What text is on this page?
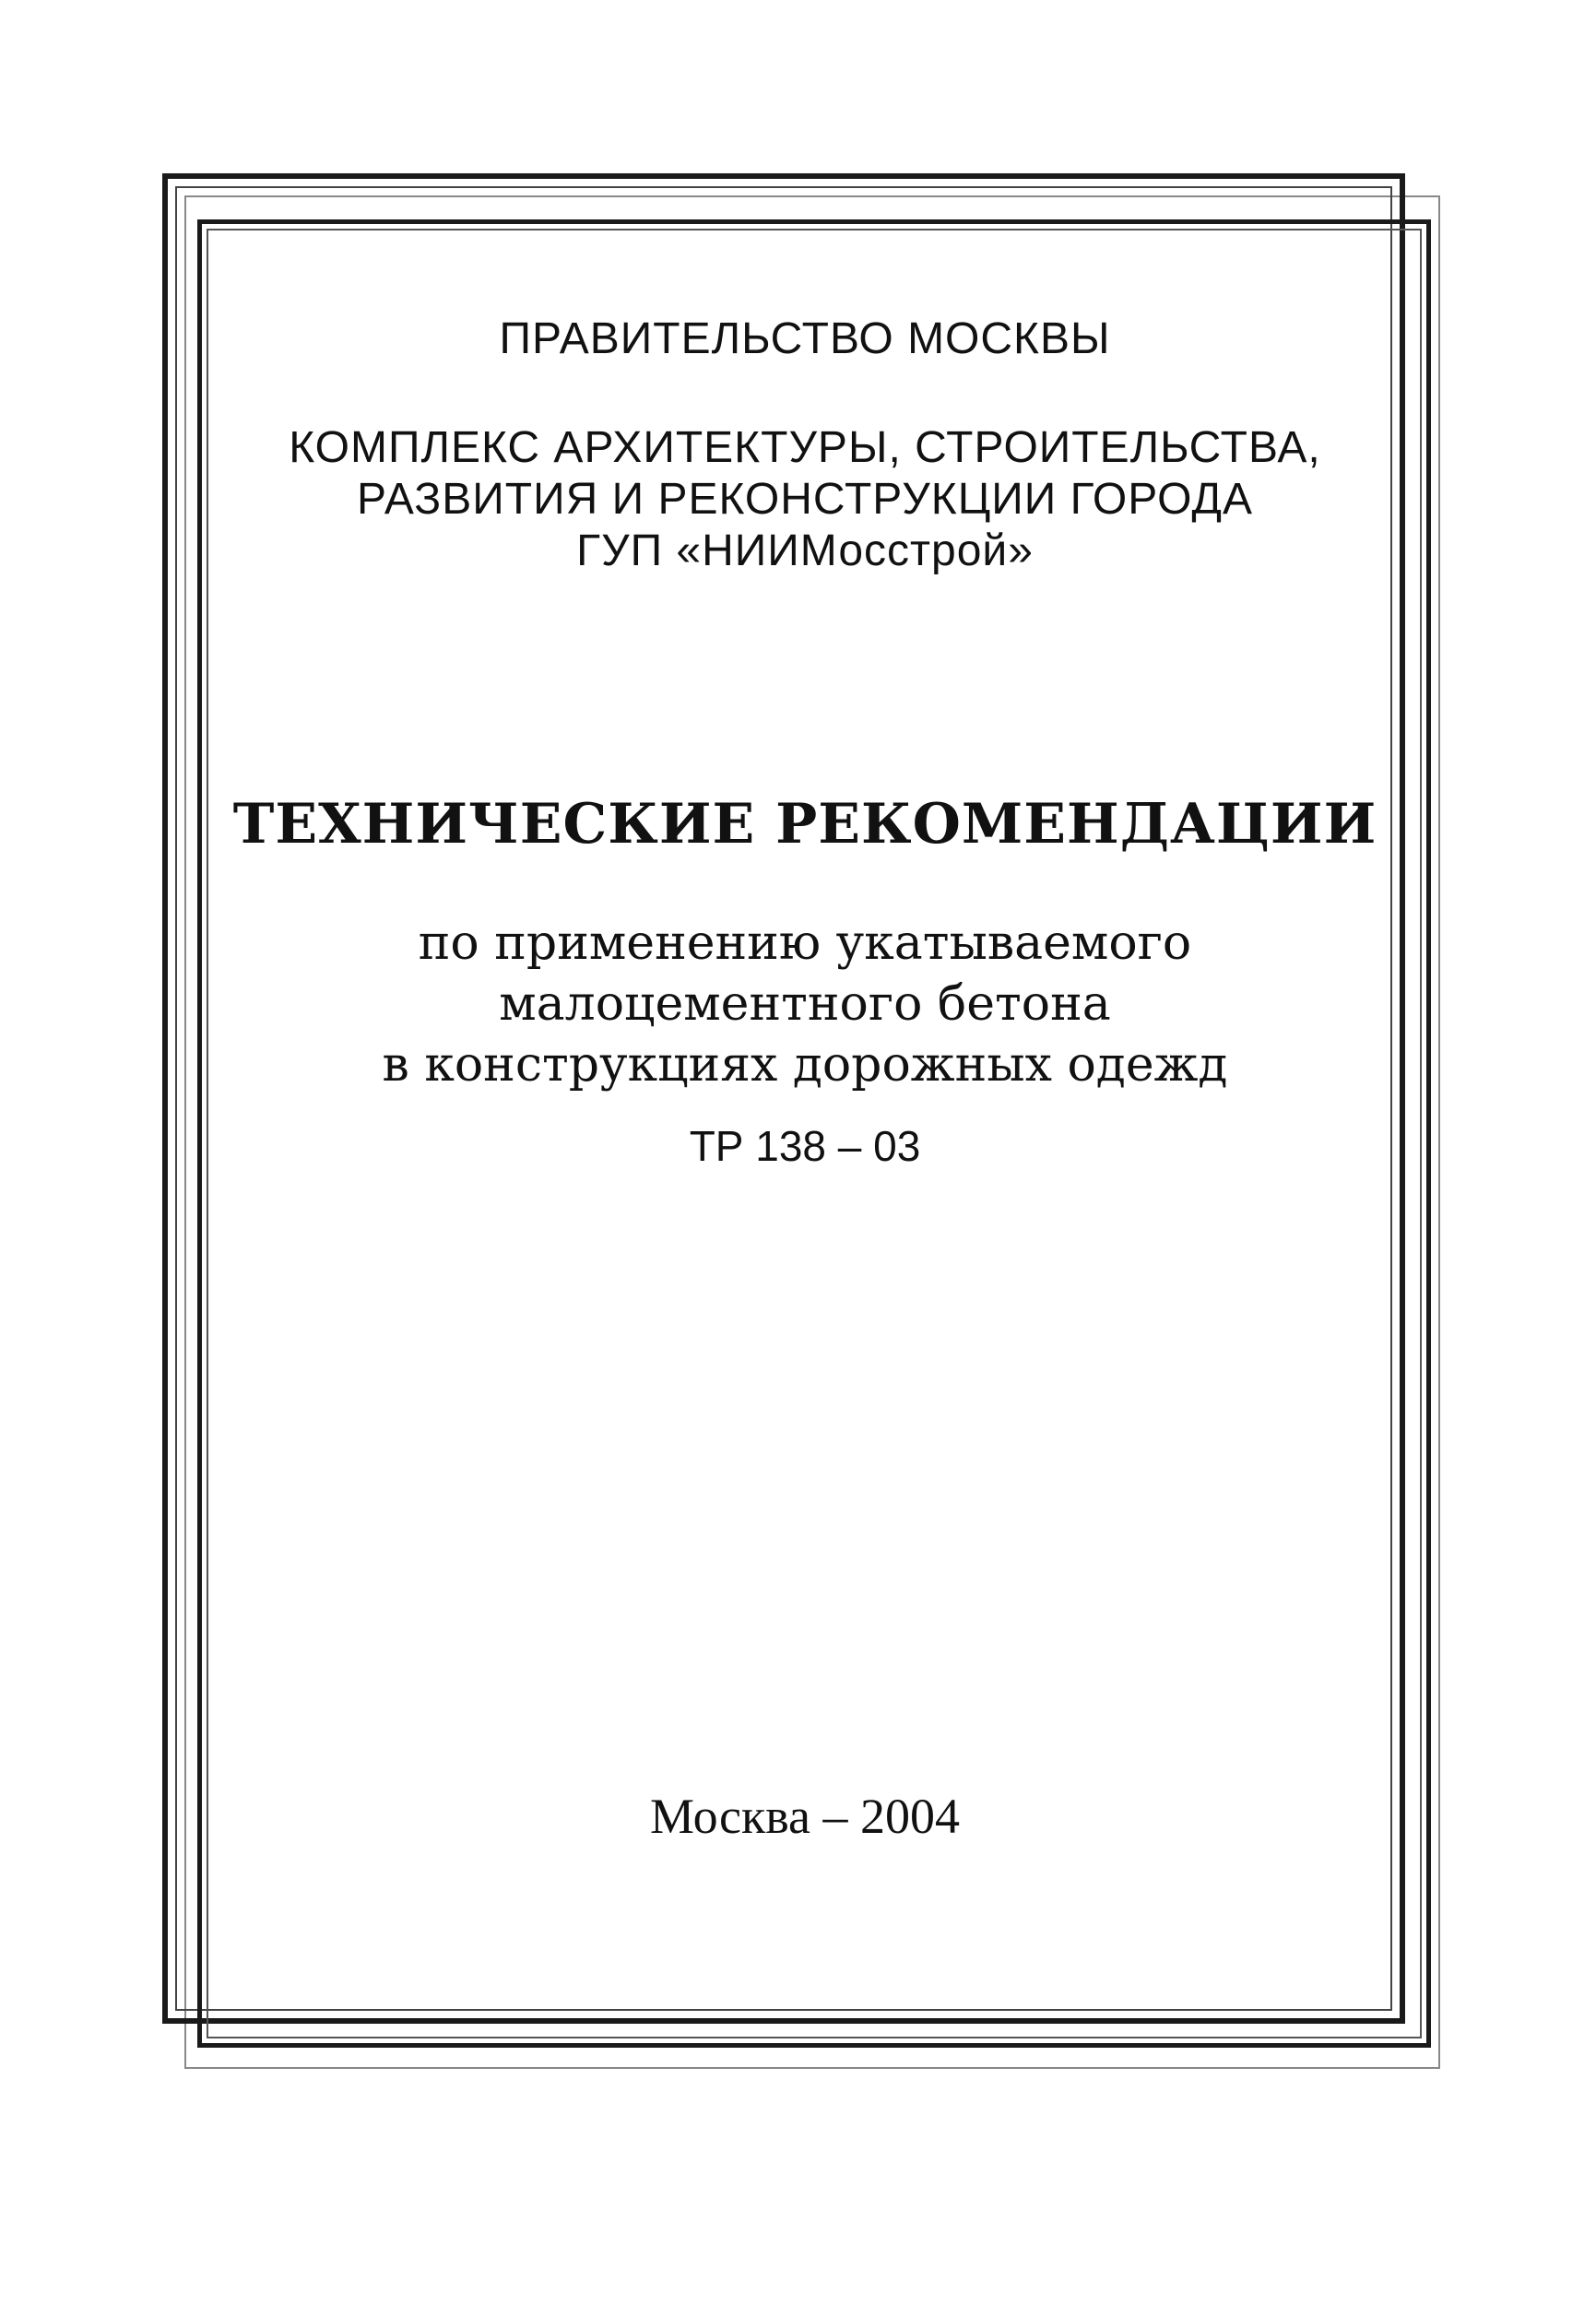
ПРАВИТЕЛЬСТВО МОСКВЫ
КОМПЛЕКС АРХИТЕКТУРЫ, СТРОИТЕЛЬСТВА,
РАЗВИТИЯ И РЕКОНСТРУКЦИИ ГОРОДА
ГУП «НИИМосстрой»
ТЕХНИЧЕСКИЕ РЕКОМЕНДАЦИИ
по применению укатываемого
малоцементного бетона
в конструкциях дорожных одежд
ТР 138 – 03
Москва – 2004
